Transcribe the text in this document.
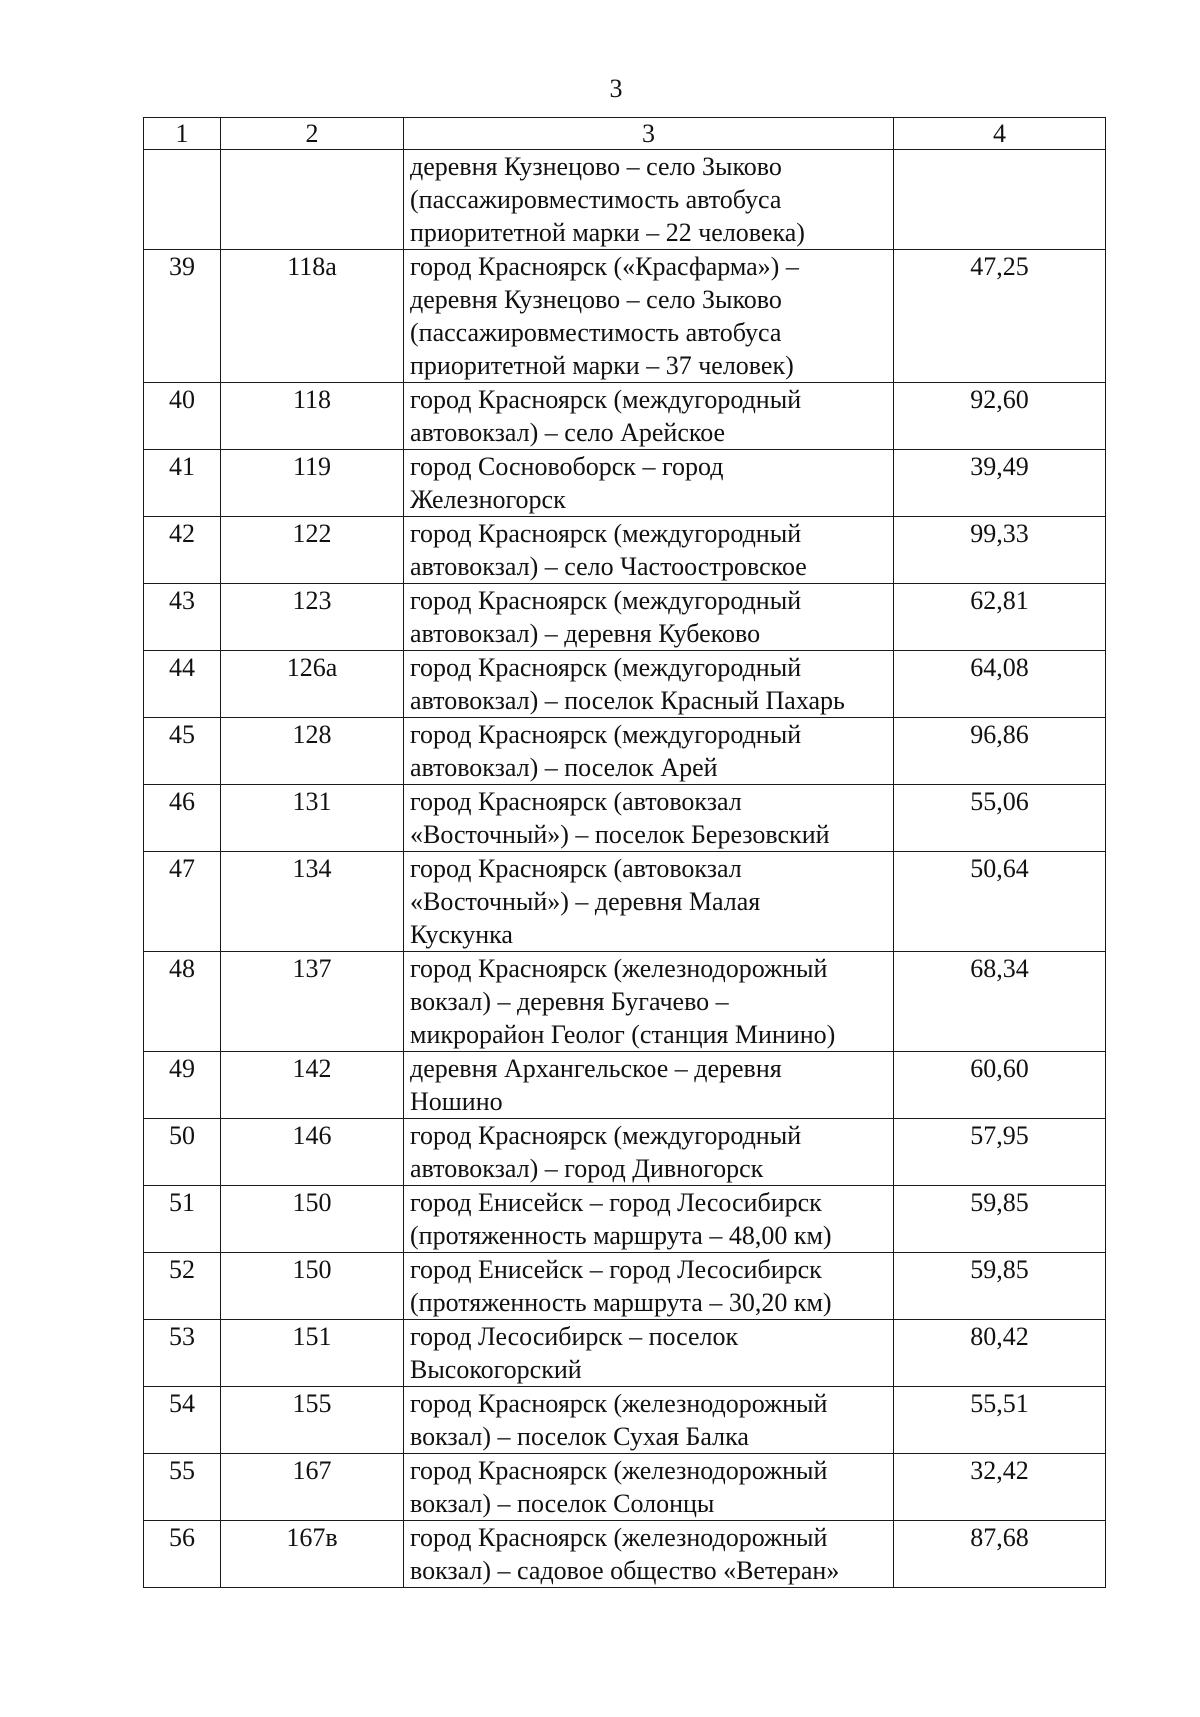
3
1	2	3	4

		деревня Кузнецово – село Зыково
(пассажировместимость автобуса
приоритетной марки – 22 человека)	

39	118а	город Красноярск («Красфарма») –
деревня Кузнецово – село Зыково
(пассажировместимость автобуса
приоритетной марки – 37 человек)	47,25
40	118	город Красноярск (междугородный
автовокзал) – село Арейское	92,60
41	119	город Сосновоборск – город
Железногорск	39,49
42	122	город Красноярск (междугородный
автовокзал) – село Частоостровское	99,33
43	123	город Красноярск (междугородный
автовокзал) – деревня Кубеково	62,81
44	126а	город Красноярск (междугородный
автовокзал) – поселок Красный Пахарь	64,08
45	128	город Красноярск (междугородный
автовокзал) – поселок Арей	96,86
46	131	город Красноярск (автовокзал
«Восточный») – поселок Березовский	55,06
47	134	город Красноярск (автовокзал
«Восточный») – деревня Малая
Кускунка	50,64
48	137	город Красноярск (железнодорожный
вокзал) – деревня Бугачево –
микрорайон Геолог (станция Минино)	68,34
49	142	деревня Архангельское – деревня
Ношино	60,60
50	146	город Красноярск (междугородный
автовокзал) – город Дивногорск	57,95
51	150	город Енисейск – город Лесосибирск
(протяженность маршрута – 48,00 км)	59,85
52	150	город Енисейск – город Лесосибирск
(протяженность маршрута – 30,20 км)	59,85
53	151	город Лесосибирск – поселок
Высокогорский	80,42
54	155	город Красноярск (железнодорожный
вокзал) – поселок Сухая Балка	55,51
55	167	город Красноярск (железнодорожный
вокзал) – поселок Солонцы	32,42
56	167в	город Красноярск (железнодорожный
вокзал) – садовое общество «Ветеран»	87,68
